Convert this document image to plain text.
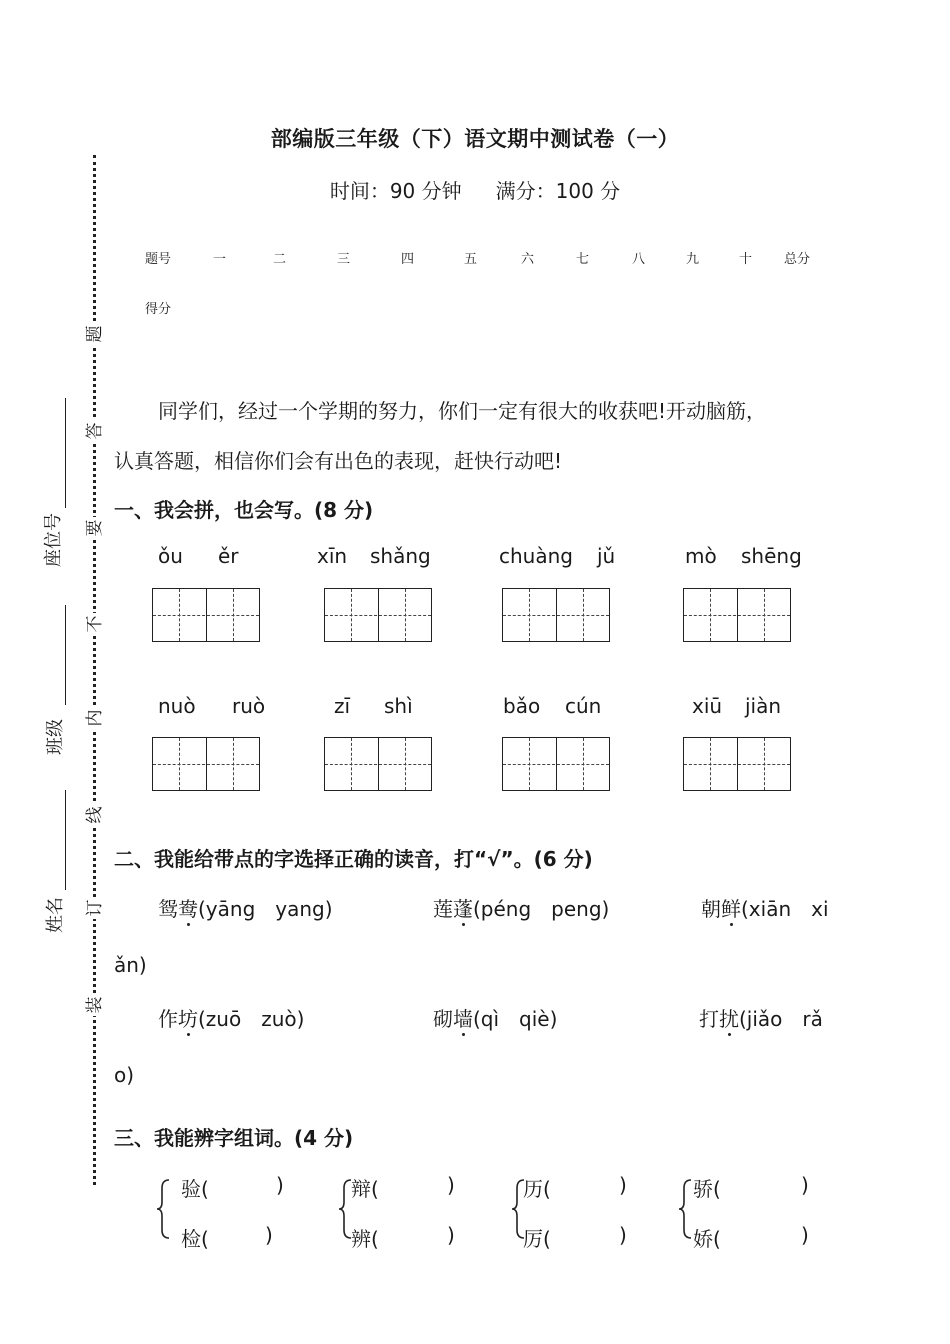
题
答
要
不
内
线
订
装
座位号
班级
姓名
部编版三年级（下）语文期中测试卷（一）
时间：90 分钟 满分：100 分
题号	一	二	三	四	五	六	七	八	九	十 总分
得分
同学们，经过一个学期的努力，你们一定有很大的收获吧!开动脑筋，
认真答题，相信你们会有出色的表现，赶快行动吧!
一、我会拼，也会写。(8 分)
ǒu ěr	xīn shǎng	chuàng jǔ	mò shēng
nuò ruò	zī shì	bǎo cún	xiū jiàn
二、我能给带点的字选择正确的读音，打“√”。(6 分)
鸳鸯(yāng　yang)	莲蓬(péng　peng)	朝鲜(xiān　xi
ǎn)
作坊(zuō　zuò)	砌墙(qì　qiè)	打扰(jiǎo　rǎ
o)
三、我能辨字组词。(4 分)
验(	)
检(	)
辩(	)
辨(	)
历(	)
厉(	)
骄(	)
娇(	)
